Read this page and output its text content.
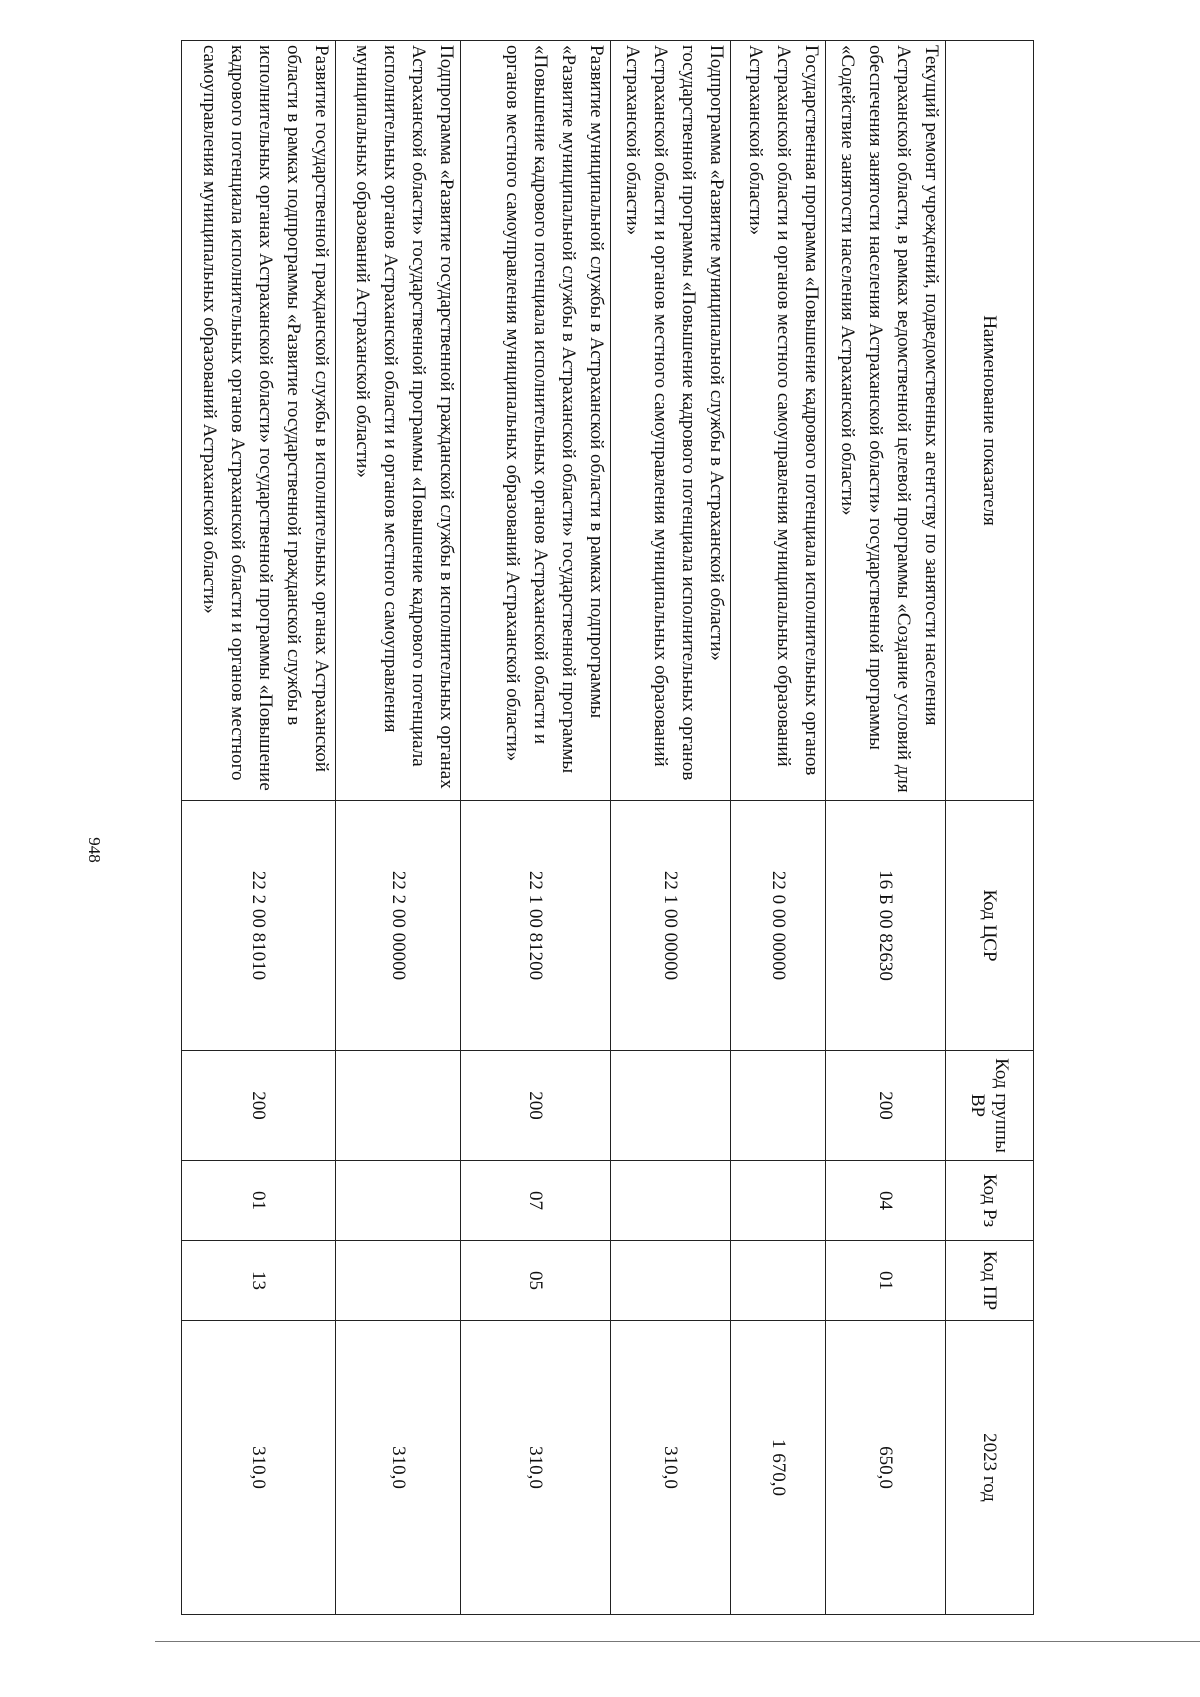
948
Наименование показателя	Код ЦСР	Код группы ВР	Код Рз	Код ПР	2023 год
Текущий ремонт учреждений, подведомственных агентству по занятости населения Астраханской области, в рамках ведомственной целевой программы «Создание условий для обеспечения занятости населения Астраханской области» государственной программы «Содействие занятости населения Астраханской области»	16 Б 00 82630	200	04	01	650,0
Государственная программа «Повышение кадрового потенциала исполнительных органов Астраханской области и органов местного самоуправления муниципальных образований Астраханской области»	22 0 00 00000				1 670,0
Подпрограмма «Развитие муниципальной службы в Астраханской области» государственной программы «Повышение кадрового потенциала исполнительных органов Астраханской области и органов местного самоуправления муниципальных образований Астраханской области»	22 1 00 00000				310,0
Развитие муниципальной службы в Астраханской области в рамках подпрограммы «Развитие муниципальной службы в Астраханской области» государственной программы «Повышение кадрового потенциала исполнительных органов Астраханской области и органов местного самоуправления муниципальных образований Астраханской области»	22 1 00 81200	200	07	05	310,0
Подпрограмма «Развитие государственной гражданской службы в исполнительных органах Астраханской области» государственной программы «Повышение кадрового потенциала исполнительных органов Астраханской области и органов местного самоуправления муниципальных образований Астраханской области»	22 2 00 00000				310,0
Развитие государственной гражданской службы в исполнительных органах Астраханской области в рамках подпрограммы «Развитие государственной гражданской службы в исполнительных органах Астраханской области» государственной программы «Повышение кадрового потенциала исполнительных органов Астраханской области и органов местного самоуправления муниципальных образований Астраханской области»	22 2 00 81010	200	01	13	310,0
